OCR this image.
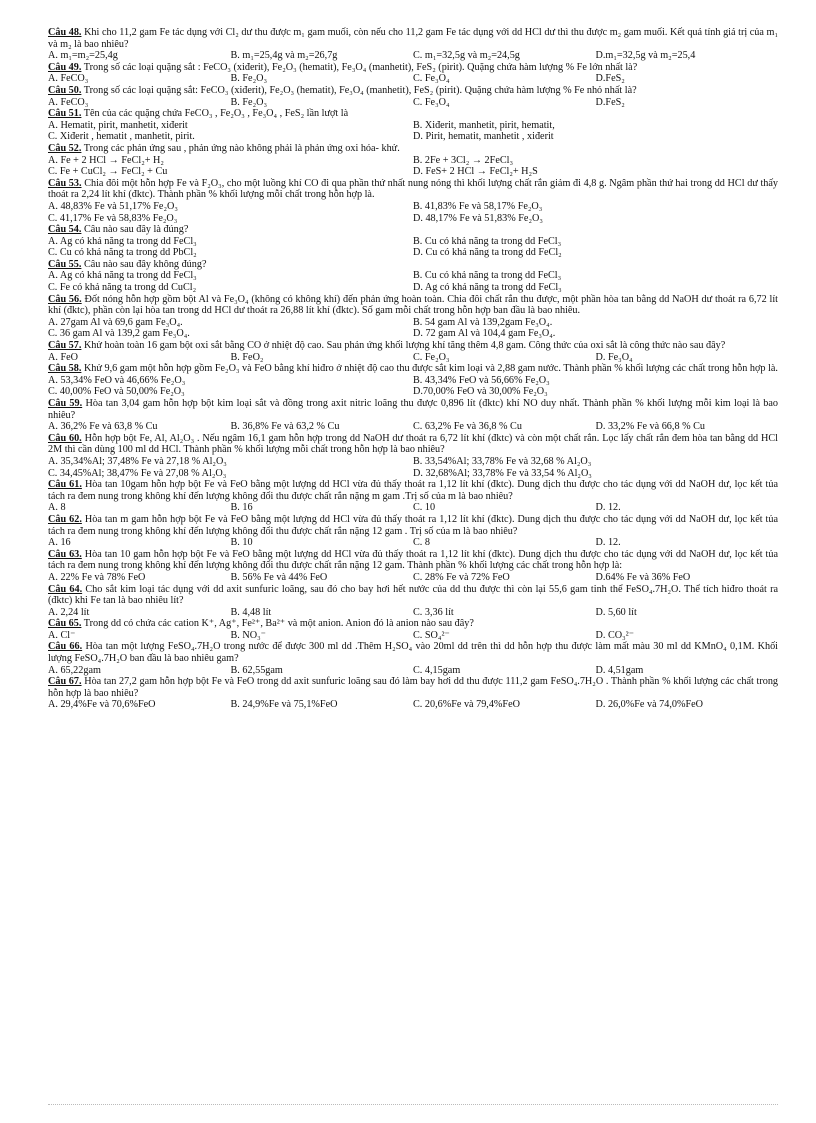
Câu 48. Khi cho 11,2 gam Fe tác dụng với Cl₂ dư thu được m₁ gam muối, còn nếu cho 11,2 gam Fe tác dụng với dd HCl dư thì thu được m₂ gam muối. Kết quả tính giá trị của m₁ và m₂ là bao nhiêu?
A. m₁=m₂=25,4g	B. m₁=25,4g và m₂=26,7g	C. m₁=32,5g và m₂=24,5g	D.m₁=32,5g và m₂=25,4
Câu 49. Trong số các loại quặng sắt : FeCO₃ (xiđerit), Fe₂O₃ (hematit), Fe₃O₄ (manhetit), FeS₂ (pirit). Quặng chứa hàm lượng % Fe lớn nhất là?
A. FeCO₃	B. Fe₂O₃	C. Fe₃O₄	D.FeS₂
Câu 50. Trong số các loại quặng sắt: FeCO₃ (xiđerit), Fe₂O₃ (hematit), Fe₃O₄ (manhetit), FeS₂ (pirit). Quặng chứa hàm lượng % Fe nhỏ nhất là?
A. FeCO₃	B. Fe₂O₃	C. Fe₃O₄	D.FeS₂
Câu 51. Tên của các quặng chứa FeCO₃ , Fe₂O₃ , Fe₃O₄ , FeS₂ lần lượt là
A. Hematit, pirit, manhetit, xiđerit	B. Xiđerit, manhetit, pirit, hematit,
C. Xiđerit , hematit , manhetit, pirit.	D. Pirit, hematit, manhetit , xiđerit
Câu 52. Trong các phản ứng sau , phản ứng nào không phải là phản ứng oxi hóa- khử.
A. Fe + 2 HCl → FeCl₂+ H₂	B. 2Fe + 3Cl₂ → 2FeCl₃
C. Fe + CuCl₂ → FeCl₂ + Cu	D. FeS+ 2 HCl → FeCl₂+ H₂S
Câu 53. Chia đôi một hỗn hợp Fe và F₂O₃, cho một luồng khí CO đi qua phần thứ nhất nung nóng thì khối lượng chất rắn giảm đi 4,8 g. Ngâm phần thứ hai trong dd HCl dư thấy thoát ra 2,24 lít khí (đktc). Thành phần % khối lượng mỗi chất trong hỗn hợp là.
A. 48,83% Fe và 51,17% Fe₂O₃	B. 41,83% Fe và 58,17% Fe₂O₃
C. 41,17% Fe và 58,83% Fe₂O₃	D. 48,17% Fe và 51,83% Fe₂O₃
Câu 54. Câu nào sau đây là đúng?
A. Ag có khả năng ta trong dd FeCl₃	B. Cu có khả năng ta trong dd FeCl₃
C. Cu có khả năng ta trong dd PbCl₂	D. Cu có khả năng ta trong dd FeCl₂
Câu 55. Câu nào sau đây không đúng?
A. Ag có khả năng ta trong dd FeCl₃	B. Cu có khả năng ta trong dd FeCl₃
C. Fe có khả năng ta trong dd CuCl₂	D. Ag có khả năng ta trong dd FeCl₃
Câu 56. Đốt nóng hỗn hợp gồm bột Al và Fe₃O₄ (không có không khí) đến phản ứng hoàn toàn. Chia đôi chất rắn thu được, một phần hòa tan bằng dd NaOH dư thoát ra 6,72 lít khí (đktc), phần còn lại hòa tan trong dd HCl dư thoát ra 26,88 lít khí (đktc). Số gam mỗi chất trong hỗn hợp ban đầu là bao nhiêu.
A. 27gam Al và 69,6 gam Fe₃O₄.	B. 54 gam Al và 139,2gam Fe₃O₄.
C. 36 gam Al và 139,2 gam Fe₃O₄.	D. 72 gam Al và 104,4 gam Fe₃O₄.
Câu 57. Khử hoàn toàn 16 gam bột oxi sắt bằng CO ở nhiệt độ cao. Sau phản ứng khối lượng khí tăng thêm 4,8 gam. Công thức của oxi sắt là công thức nào sau đây?
A. FeO	B. FeO₂	C. Fe₂O₃	D. Fe₃O₄
Câu 58. Khử 9,6 gam một hỗn hợp gồm Fe₂O₃ và FeO bằng khí hiđro ở nhiệt độ cao thu được sắt kim loại và 2,88 gam nước. Thành phần % khối lượng các chất trong hỗn hợp là.
A. 53,34% FeO và 46,66% Fe₂O₃	B. 43,34% FeO và 56,66% Fe₂O₃
C. 40,00% FeO và 50,00% Fe₂O₃	D.70,00% FeO và 30,00% Fe₂O₃
Câu 59. Hòa tan 3,04 gam hỗn hợp bột kim loại sắt và đồng trong axit nitric loãng thu được 0,896 lít (đktc) khí NO duy nhất. Thành phần % khối lượng mỗi kim loại là bao nhiêu?
A. 36,2% Fe và 63,8 % Cu	B. 36,8% Fe và 63,2 % Cu	C. 63,2% Fe và 36,8 % Cu	D. 33,2% Fe và 66,8 % Cu
Câu 60. Hỗn hợp bột Fe, Al, Al₂O₃ . Nếu ngâm 16,1 gam hỗn hợp trong dd NaOH dư thoát ra 6,72 lít khí (đktc) và còn một chất rắn. Lọc lấy chất rắn đem hòa tan bằng dd HCl 2M thì cần dùng 100 ml dd HCl. Thành phần % khối lượng mỗi chất trong hỗn hợp là bao nhiêu?
A. 35,34%Al; 37,48% Fe và 27,18 % Al₂O₃	B. 33,54%Al; 33,78% Fe và 32,68 % Al₂O₃
C. 34,45%Al; 38,47% Fe và 27,08 % Al₂O₃	D. 32,68%Al; 33,78% Fe và 33,54 % Al₂O₃
Câu 61. Hòa tan 10gam hỗn hợp bột Fe và FeO bằng một lượng dd HCl vừa đủ thấy thoát ra 1,12 lít khí (đktc). Dung dịch thu được cho tác dụng với dd NaOH dư, lọc kết tủa tách ra đem nung trong không khí đến lượng không đổi thu được chất rắn nặng m gam .Trị số của m là bao nhiêu?
A. 8	B. 16	C. 10	D. 12.
Câu 62. Hòa tan m gam hỗn hợp bột Fe và FeO bằng một lượng dd HCl vừa đủ thấy thoát ra 1,12 lít khí (đktc). Dung dịch thu được cho tác dụng với dd NaOH dư, lọc kết tủa tách ra đem nung trong không khí đến lượng không đổi thu được chất rắn nặng 12 gam . Trị số của m là bao nhiêu?
A. 16	B. 10	C. 8	D. 12.
Câu 63. Hòa tan 10 gam hỗn hợp bột Fe và FeO bằng một lượng dd HCl vừa đủ thấy thoát ra 1,12 lít khí (đktc). Dung dịch thu được cho tác dụng với dd NaOH dư, lọc kết tủa tách ra đem nung trong không khí đến lượng không đổi thu được chất rắn nặng 12 gam. Thành phần % khối lượng các chất trong hỗn hợp là:
A. 22% Fe và 78% FeO	B. 56% Fe và 44% FeO	C. 28% Fe và 72% FeO	D.64% Fe và 36% FeO
Câu 64. Cho sắt kim loại tác dụng với dd axit sunfuric loãng, sau đó cho bay hơi hết nước của dd thu được thì còn lại 55,6 gam tinh thể FeSO₄.7H₂O. Thể tích hiđro thoát ra (đktc) khi Fe tan là bao nhiêu lít?
A. 2,24 lít	B. 4,48 lít	C. 3,36 lít	D. 5,60 lít
Câu 65. Trong dd có chứa các cation K⁺, Ag⁺, Fe²⁺, Ba²⁺ và một anion. Anion đó là anion nào sau đây?
A. Cl⁻	B. NO₃⁻	C. SO₄²⁻	D. CO₃²⁻
Câu 66. Hòa tan một lượng FeSO₄.7H₂O trong nước để được 300 ml dd .Thêm H₂SO₄ vào 20ml dd trên thì dd hỗn hợp thu được làm mất màu 30 ml dd KMnO₄ 0,1M. Khối lượng FeSO₄.7H₂O ban đầu là bao nhiêu gam?
A. 65,22gam	B. 62,55gam	C. 4,15gam	D. 4,51gam
Câu 67. Hòa tan 27,2 gam hỗn hợp bột Fe và FeO trong dd axit sunfuric loãng sau đó làm bay hơi dd thu được 111,2 gam FeSO₄.7H₂O . Thành phần % khối lượng các chất trong hỗn hợp là bao nhiêu?
A. 29,4%Fe và 70,6%FeO	B. 24,9%Fe và 75,1%FeO	C. 20,6%Fe và 79,4%FeO	D. 26,0%Fe và 74,0%FeO
